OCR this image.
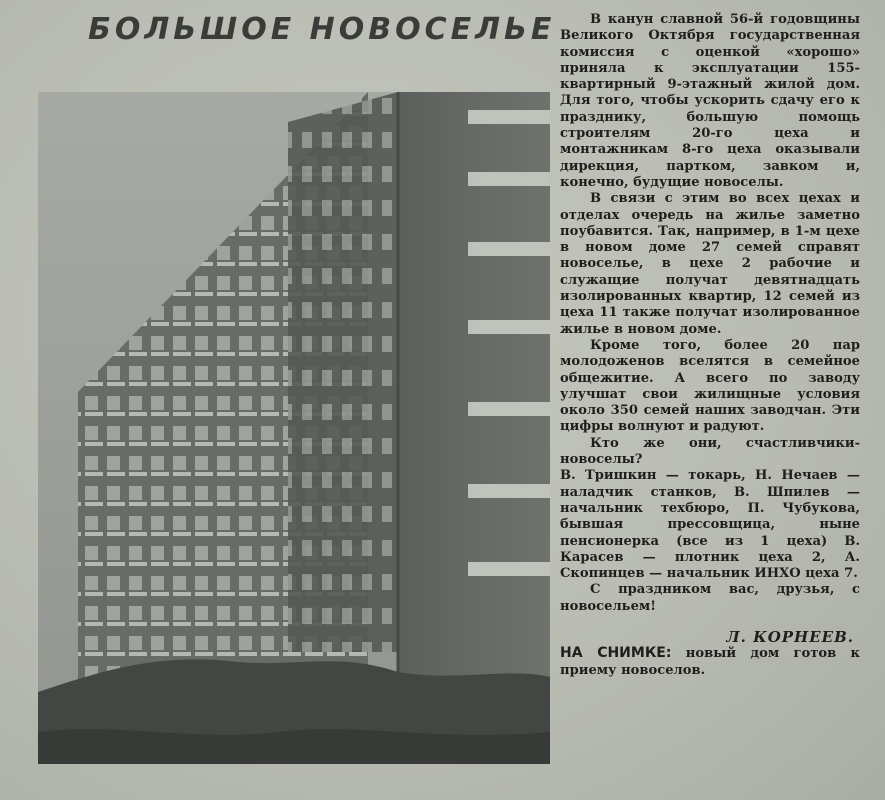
БОЛЬШОЕ НОВОСЕЛЬЕ	В канун славной 56-й годовщины Великого Октября государственная комиссия с оценкой «хорошо» приняла к эксплуатации 155-квартирный 9-этажный жилой дом. Для того, чтобы ускорить сдачу его к празднику, большую помощь строителям 20-го цеха и монтажникам 8-го цеха оказывали дирекция, партком, завком и, конечно, будущие новоселы.

В связи с этим во всех цехах и отделах очередь на жилье заметно поубавится. Так, например, в 1-м цехе в новом доме 27 семей справят новоселье, в цехе 2 рабочие и служащие получат девятнадцать изолированных квартир, 12 семей из цеха 11 также получат изолированное жилье в новом доме.

Кроме того, более 20 пар молодоженов вселятся в семейное общежитие. А всего по заводу улучшат свои жилищные условия около 350 семей наших заводчан. Эти цифры волнуют и радуют.

Кто же они, счастливчики-новоселы?

В. Тришкин — токарь, Н. Нечаев — наладчик станков, В. Шпилев — начальник техбюро, П. Чубукова, бывшая прессовщица, ныне пенсионерка (все из 1 цеха) В. Карасев — плотник цеха 2, А. Скопинцев — начальник ИНХО цеха 7.

С праздником вас, друзья, с новосельем!

Л. КОРНЕЕВ.

НА СНИМКЕ: новый дом готов к приему новоселов.
